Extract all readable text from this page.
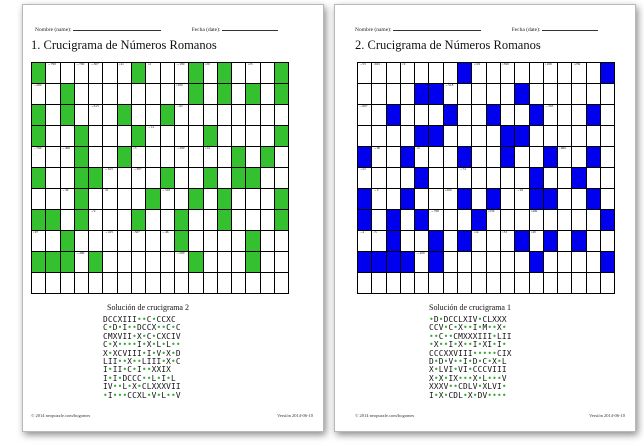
Nombre (name):	Fecha (date):
1. Crucigrama de Números Romanos

	→799		→700	→307		↓41		↓4		→180		↓20			↓25		

→200										↓200							

				→613						→62							

								→12									

→700		→400					↓3			→399		↓14					

					→615		→397										

		→36			↓8				→503								

				→9													

↓97					→415		↓507		→46								

			→489							→509							

Solución de crucigrama 2
DCCXIII••C•CCXC
C•D•I••DCCX••C•C
CMXVII•X•C•CXCIV
C•X••••I•X•L•L••
X•XCVIII•I•V•X•D
LII••X••LIII•X•C
I•II•C•I••XXIX
I•I•DCCC••L•I•L
IV••L•X•CLXXXVII
•I•••CCXL•V•L••V
© 2014 neopuzzle.com/bogomes	Versión 2014-06-10
Nombre (name):	Fecha (date):
2. Crucigrama de Números Romanos
→53	↓601		↓9					↓119		↓399			↓169		↓259		

						→518											

→907													→393				

	→90			↓4										↓666			

→52							→74										

	→2					↓200					→29						

					→700				↓259			↓400					

→4	↓5							↓14		↓33		↓40					

				→200													

Solución de crucigrama 1
•D•DCCLXIV•CLXXX
CCV•C•X••I•M••X•
••C••CMXXXIII•LII
•X••I•X••I•XI•I•
CCCXXVIII•••••CIX
D•D•V••I•D•C•X•L
X•LVI•VI•CCCVIII
X•X•IX•••X•L•••V
XXXV••CDLV•XLVI•
I•X•CDL•X•DV••••
© 2014 neopuzzle.com/bogomes	Versión 2014-06-10
